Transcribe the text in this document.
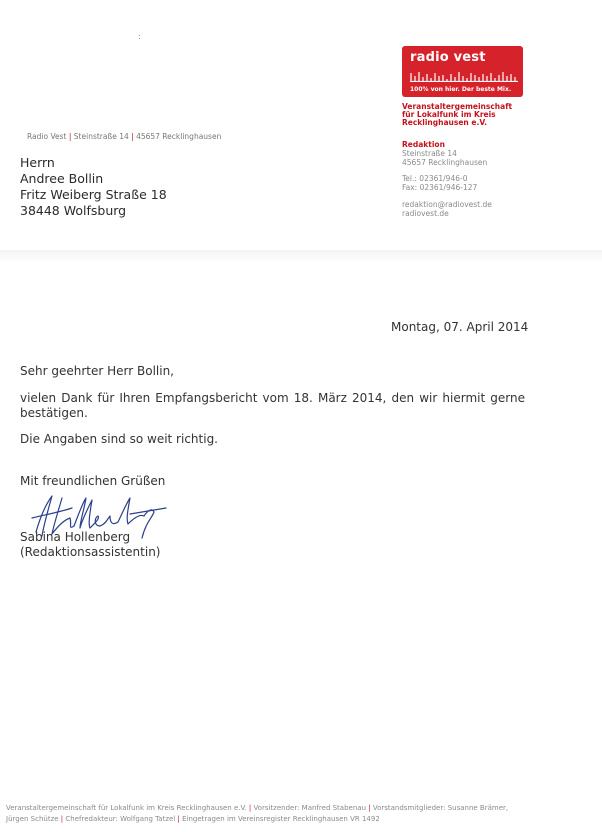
:
Radio Vest | Steinstraße 14 | 45657 Recklinghausen
radio vest
100% von hier. Der beste Mix.
Veranstaltergemeinschaft
für Lokalfunk im Kreis
Recklinghausen e.V.
Redaktion
Steinstraße 14
45657 Recklinghausen
Tel.: 02361/946-0
Fax: 02361/946-127
redaktion@radiovest.de
radiovest.de
Herrn
Andree Bollin
Fritz Weiberg Straße 18
38448 Wolfsburg
Montag, 07. April 2014
Sehr geehrter Herr Bollin,
vielen Dank für Ihren Empfangsbericht vom 18. März 2014, den wir hiermit gerne
bestätigen.
Die Angaben sind so weit richtig.
Mit freundlichen Grüßen
Sabina Hollenberg
(Redaktionsassistentin)
Veranstaltergemeinschaft für Lokalfunk im Kreis Recklinghausen e.V. | Vorsitzender: Manfred Stabenau | Vorstandsmitglieder: Susanne Brämer,
Jürgen Schütze | Chefredakteur: Wolfgang Tatzel | Eingetragen im Vereinsregister Recklinghausen VR 1492
